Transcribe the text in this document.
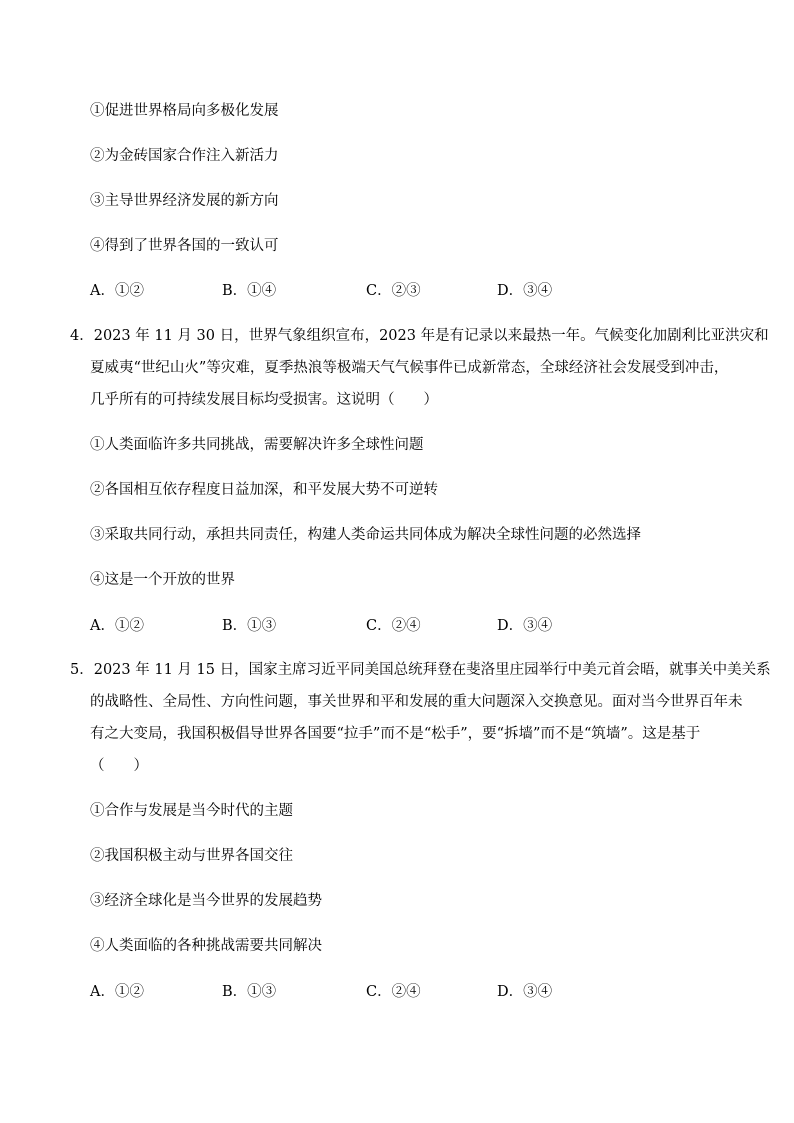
①促进世界格局向多极化发展
②为金砖国家合作注入新活力
③主导世界经济发展的新方向
④得到了世界各国的一致认可
A．①②	B．①④	C．②③	D．③④
4．2023 年 11 月 30 日，世界气象组织宣布，2023 年是有记录以来最热一年。气候变化加剧利比亚洪灾和
夏威夷“世纪山火”等灾难，夏季热浪等极端天气气候事件已成新常态，全球经济社会发展受到冲击，
几乎所有的可持续发展目标均受损害。这说明（　　）
①人类面临许多共同挑战，需要解决许多全球性问题
②各国相互依存程度日益加深，和平发展大势不可逆转
③采取共同行动，承担共同责任，构建人类命运共同体成为解决全球性问题的必然选择
④这是一个开放的世界
A．①②	B．①③	C．②④	D．③④
5．2023 年 11 月 15 日，国家主席习近平同美国总统拜登在斐洛里庄园举行中美元首会晤，就事关中美关系
的战略性、全局性、方向性问题，事关世界和平和发展的重大问题深入交换意见。面对当今世界百年未
有之大变局，我国积极倡导世界各国要“拉手”而不是“松手”，要“拆墙”而不是“筑墙”。这是基于
（　　）
①合作与发展是当今时代的主题
②我国积极主动与世界各国交往
③经济全球化是当今世界的发展趋势
④人类面临的各种挑战需要共同解决
A．①②	B．①③	C．②④	D．③④
